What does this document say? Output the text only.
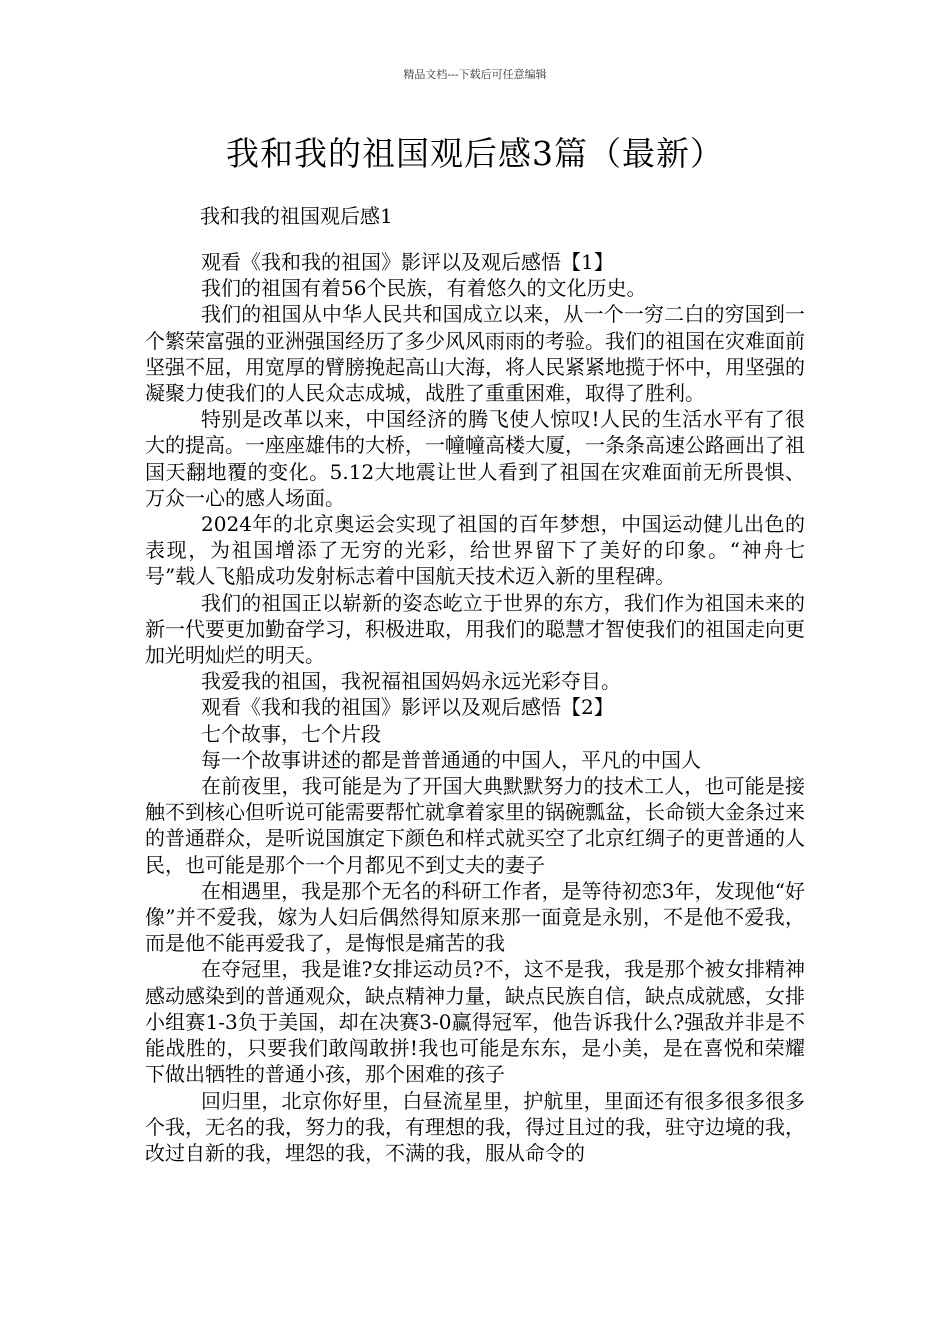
精品文档---下载后可任意编辑
我和我的祖国观后感3篇（最新）
我和我的祖国观后感1

观看《我和我的祖国》影评以及观后感悟【1】

我们的祖国有着56个民族，有着悠久的文化历史。

我们的祖国从中华人民共和国成立以来，从一个一穷二白的穷国到一个繁荣富强的亚洲强国经历了多少风风雨雨的考验。我们的祖国在灾难面前坚强不屈，用宽厚的臂膀挽起高山大海，将人民紧紧地揽于怀中，用坚强的凝聚力使我们的人民众志成城，战胜了重重困难，取得了胜利。

特别是改革以来，中国经济的腾飞使人惊叹!人民的生活水平有了很大的提高。一座座雄伟的大桥，一幢幢高楼大厦，一条条高速公路画出了祖国天翻地覆的变化。5.12大地震让世人看到了祖国在灾难面前无所畏惧、万众一心的感人场面。

2024年的北京奥运会实现了祖国的百年梦想，中国运动健儿出色的表现，为祖国增添了无穷的光彩，给世界留下了美好的印象。“神舟七号”载人飞船成功发射标志着中国航天技术迈入新的里程碑。

我们的祖国正以崭新的姿态屹立于世界的东方，我们作为祖国未来的新一代要更加勤奋学习，积极进取，用我们的聪慧才智使我们的祖国走向更加光明灿烂的明天。

我爱我的祖国，我祝福祖国妈妈永远光彩夺目。

观看《我和我的祖国》影评以及观后感悟【2】

七个故事，七个片段

每一个故事讲述的都是普普通通的中国人，平凡的中国人

在前夜里，我可能是为了开国大典默默努力的技术工人，也可能是接触不到核心但听说可能需要帮忙就拿着家里的锅碗瓢盆，长命锁大金条过来的普通群众，是听说国旗定下颜色和样式就买空了北京红绸子的更普通的人民，也可能是那个一个月都见不到丈夫的妻子

在相遇里，我是那个无名的科研工作者，是等待初恋3年，发现他“好像”并不爱我，嫁为人妇后偶然得知原来那一面竟是永别，不是他不爱我，而是他不能再爱我了，是悔恨是痛苦的我

在夺冠里，我是谁?女排运动员?不，这不是我，我是那个被女排精神感动感染到的普通观众，缺点精神力量，缺点民族自信，缺点成就感，女排小组赛1-3负于美国，却在决赛3-0赢得冠军，他告诉我什么?强敌并非是不能战胜的，只要我们敢闯敢拼!我也可能是东东，是小美，是在喜悦和荣耀下做出牺牲的普通小孩，那个困难的孩子

回归里，北京你好里，白昼流星里，护航里，里面还有很多很多很多个我，无名的我，努力的我，有理想的我，得过且过的我，驻守边境的我，改过自新的我，埋怨的我，不满的我，服从命令的
